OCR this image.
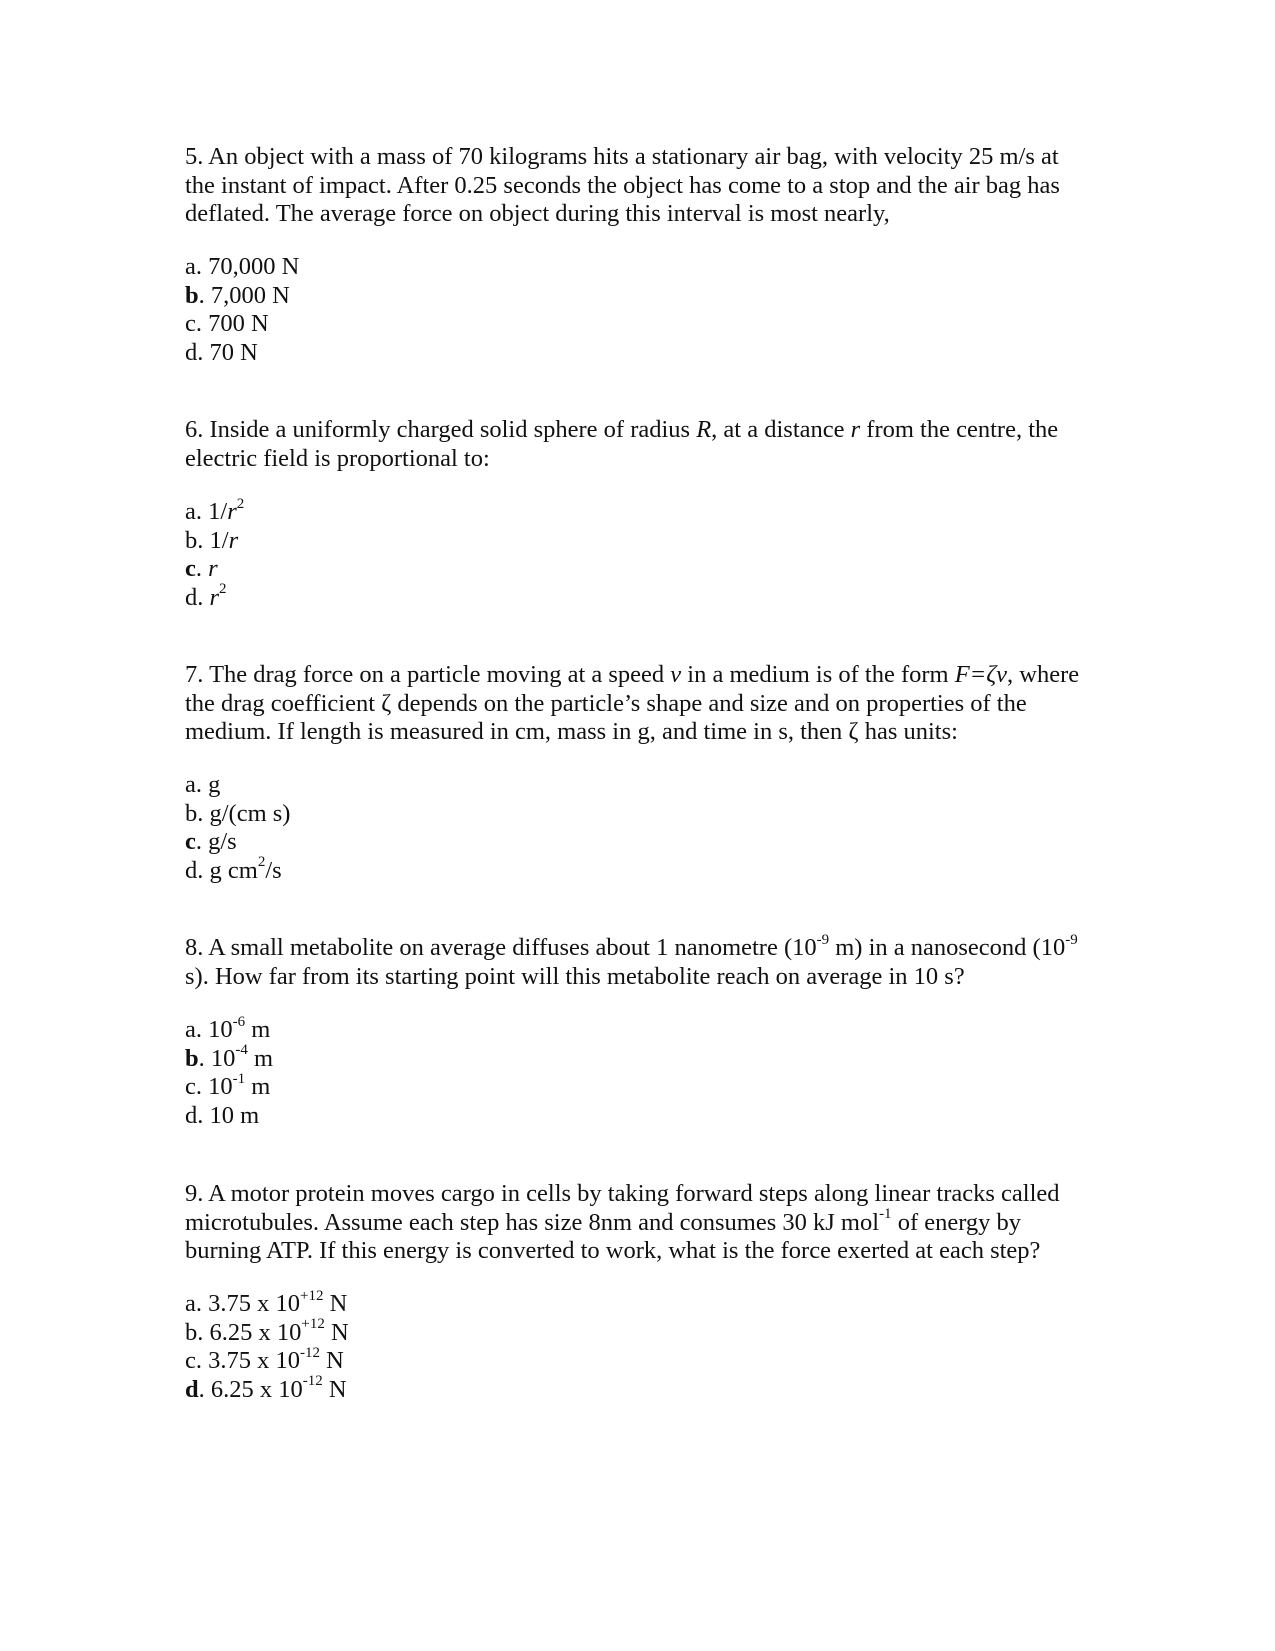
5. An object with a mass of 70 kilograms hits a stationary air bag, with velocity 25 m/s at the instant of impact. After 0.25 seconds the object has come to a stop and the air bag has deflated. The average force on object during this interval is most nearly,

a. 70,000 N
b. 7,000 N
c. 700 N
d. 70 N

6. Inside a uniformly charged solid sphere of radius R, at a distance r from the centre, the electric field is proportional to:

a. $1/r^2$
b. 1/r
c. r
d. $r^2$

7. The drag force on a particle moving at a speed v in a medium is of the form F=ζv, where the drag coefficient ζ depends on the particle’s shape and size and on properties of the medium. If length is measured in cm, mass in g, and time in s, then ζ has units:

a. g
b. g/(cm s)
c. g/s
d. g $cm^2/s$

8. A small metabolite on average diffuses about 1 nanometre ($10^{-9}$ m) in a nanosecond ($10^{-9}$ s). How far from its starting point will this metabolite reach on average in 10 s?

a. $10^{-6}$ m
b. $10^{-4}$ m
c. $10^{-1}$ m
d. 10 m

9. A motor protein moves cargo in cells by taking forward steps along linear tracks called microtubules. Assume each step has size 8nm and consumes 30 kJ mol$^{-1}$ of energy by burning ATP. If this energy is converted to work, what is the force exerted at each step?

a. 3.75 x $10^{+12}$ N
b. 6.25 x $10^{+12}$ N
c. 3.75 x $10^{-12}$ N
d. 6.25 x $10^{-12}$ N
